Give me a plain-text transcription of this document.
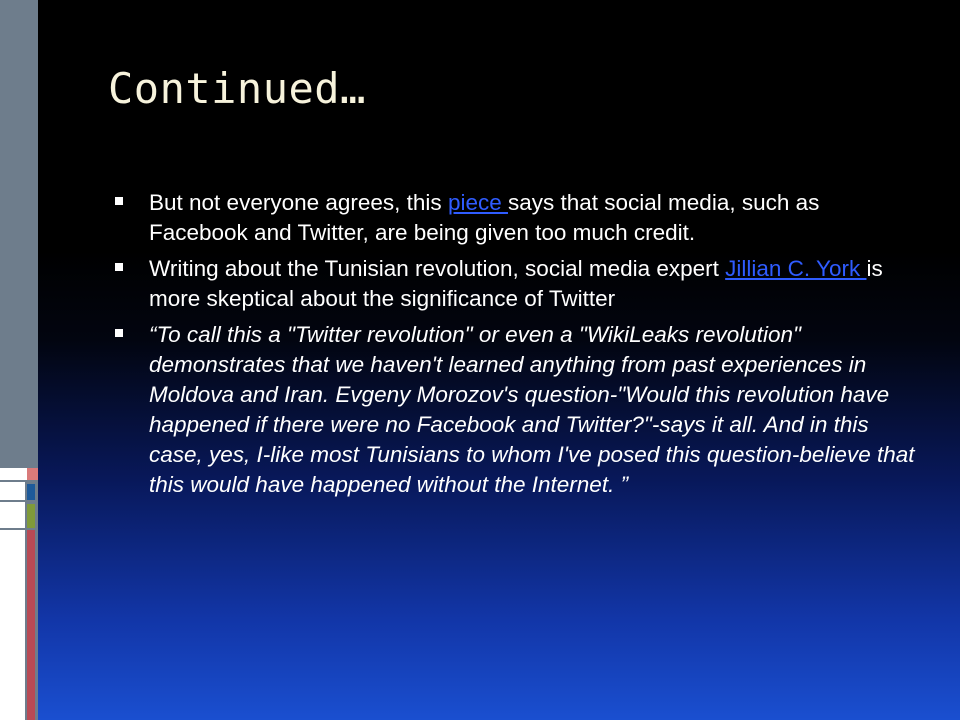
Continued…
But not everyone agrees, this piece says that social media, such as Facebook and Twitter, are being given too much credit.
Writing about the Tunisian revolution, social media expert Jillian C. York is more skeptical about the significance of Twitter
“To call this a "Twitter revolution" or even a "WikiLeaks revolution" demonstrates that we haven't learned anything from past experiences in Moldova and Iran. Evgeny Morozov's question-"Would this revolution have happened if there were no Facebook and Twitter?"-says it all. And in this case, yes, I-like most Tunisians to whom I've posed this question-believe that this would have happened without the Internet. ”
